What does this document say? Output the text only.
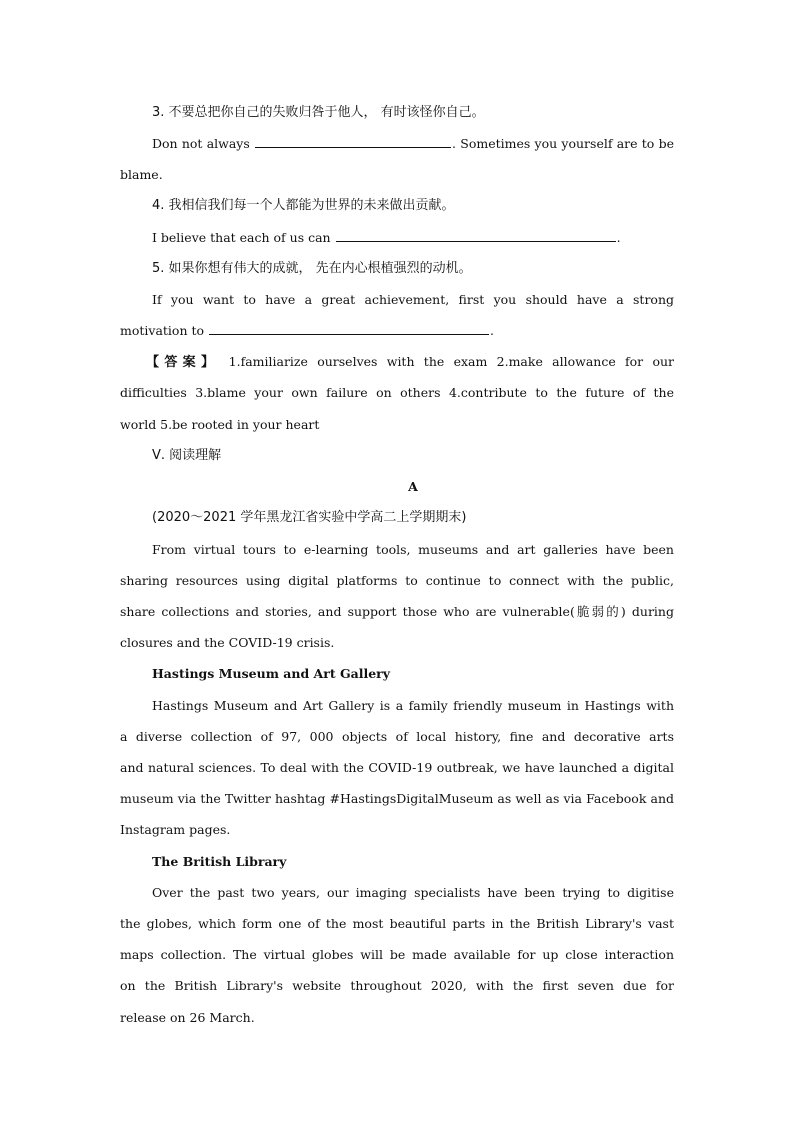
3. 不要总把你自己的失败归咎于他人， 有时该怪你自己。
Don not always	. Sometimes you yourself are to be
blame.
4. 我相信我们每一个人都能为世界的未来做出贡献。
I believe that each of us can	.
5. 如果你想有伟大的成就， 先在内心根植强烈的动机。
If you want to have a great achievement, first you should have a strong
motivation to	.
【答案】 1.familiarize ourselves with the exam 2.make allowance for our
difficulties 3.blame your own failure on others 4.contribute to the future of the
world 5.be rooted in your heart
Ⅴ. 阅读理解
A
(2020～2021 学年黑龙江省实验中学高二上学期期末)
From virtual tours to e-learning tools, museums and art galleries have been
sharing resources using digital platforms to continue to connect with the public,
share collections and stories, and support those who are vulnerable(脆弱的) during
closures and the COVID-19 crisis.
Hastings Museum and Art Gallery
Hastings Museum and Art Gallery is a family friendly museum in Hastings with
a diverse collection of 97, 000 objects of local history, fine and decorative arts
and natural sciences. To deal with the COVID-19 outbreak, we have launched a digital
museum via the Twitter hashtag #HastingsDigitalMuseum as well as via Facebook and
Instagram pages.
The British Library
Over the past two years, our imaging specialists have been trying to digitise
the globes, which form one of the most beautiful parts in the British Library's vast
maps collection. The virtual globes will be made available for up close interaction
on the British Library's website throughout 2020, with the first seven due for
release on 26 March.
